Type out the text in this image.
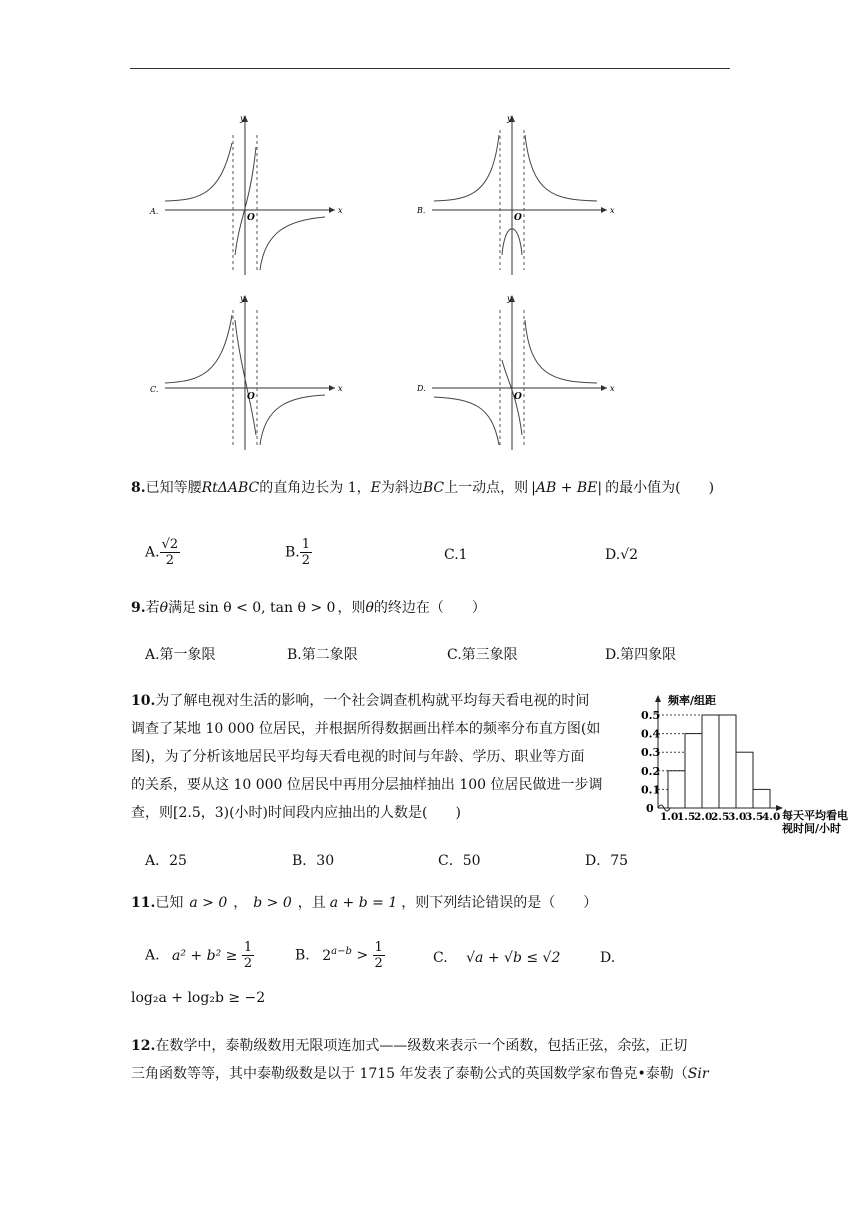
A.	x
y
O
B.	x
y
O
C.	x
y
O
D.	x
y
O
8.已知等腰RtΔABC的直角边长为 1，E为斜边BC上一动点，则 |AB + BE| 的最小值为(　　)
A. $\frac{√2}{2}$	B. $\frac{1}{2}$	C.1	D.√2
9.若θ满足 sin θ < 0, tan θ > 0 ，则θ的终边在（　　）
A.第一象限	B.第二象限	C.第三象限	D.第四象限
10.为了解电视对生活的影响，一个社会调查机构就平均每天看电视的时间
调查了某地 10 000 位居民，并根据所得数据画出样本的频率分布直方图(如
图)，为了分析该地居民平均每天看电视的时间与年龄、学历、职业等方面
的关系，要从这 10 000 位居民中再用分层抽样抽出 100 位居民做进一步调
查，则[2.5，3)(小时)时间段内应抽出的人数是(　　)
频率/组距
每天平均看电
视时间/小时
0
0.1
0.2
0.3
0.4
0.5
1.0
1.5
2.0
2.5
3.0
3.5
4.0
A．25	B．30	C．50	D．75
11.已知 a > 0 ， b > 0 ，且 a + b = 1 ，则下列结论错误的是（　　）
A. $a^2 + b^2 \ge \frac{1}{2}$	B. $2^{a-b} > \frac{1}{2}$	C. √a + √b ≤ √2	D.
log₂a + log₂b ≥ −2
12.在数学中，泰勒级数用无限项连加式——级数来表示一个函数，包括正弦，余弦，正切
三角函数等等，其中泰勒级数是以于 1715 年发表了泰勒公式的英国数学家布鲁克•泰勒（Sir
